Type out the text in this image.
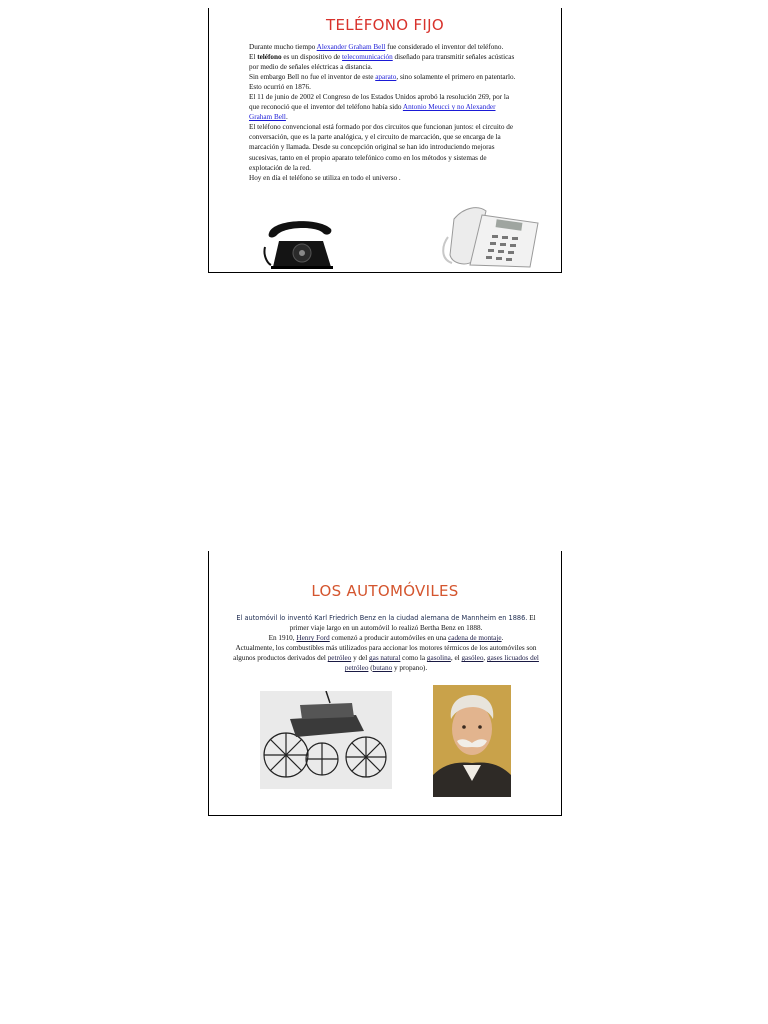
TELÉFONO FIJO

Durante mucho tiempo Alexander Graham Bell fue considerado el inventor del teléfono.

El teléfono es un dispositivo de telecomunicación diseñado para transmitir señales acústicas por medio de señales eléctricas a distancia.

Sin embargo Bell no fue el inventor de este aparato, sino solamente el primero en patentarlo. Esto ocurrió en 1876.

El 11 de junio de 2002 el Congreso de los Estados Unidos aprobó la resolución 269, por la que reconoció que el inventor del teléfono había sido Antonio Meucci y no Alexander Graham Bell.

El teléfono convencional está formado por dos circuitos que funcionan juntos: el circuito de conversación, que es la parte analógica, y el circuito de marcación, que se encarga de la marcación y llamada. Desde su concepción original se han ido introduciendo mejoras sucesivas, tanto en el propio aparato telefónico como en los métodos y sistemas de explotación de la red.

Hoy en día el teléfono se utiliza en todo el universo .

LOS AUTOMÓVILES

El automóvil lo inventó Karl Friedrich Benz en la ciudad alemana de Mannheim en 1886. El primer viaje largo en un automóvil lo realizó Bertha Benz en 1888.

En 1910, Henry Ford comenzó a producir automóviles en una cadena de montaje.

Actualmente, los combustibles más utilizados para accionar los motores térmicos de los automóviles son algunos productos derivados del petróleo y del gas natural como la gasolina, el gasóleo, gases licuados del petróleo (butano y propano).
